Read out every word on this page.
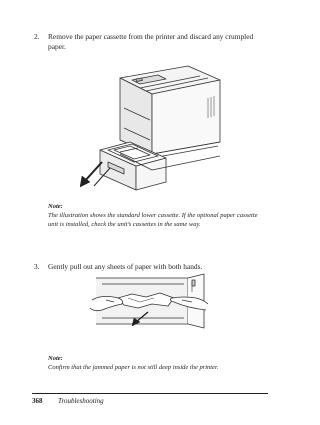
2.	Remove the paper cassette from the printer and discard any crumpled paper.
Note:
The illustration shows the standard lower cassette. If the optional paper cassette unit is installed, check the unit’s cassettes in the same way.
3.	Gently pull out any sheets of paper with both hands.
Note:
Confirm that the jammed paper is not still deep inside the printer.
368 Troubleshooting
